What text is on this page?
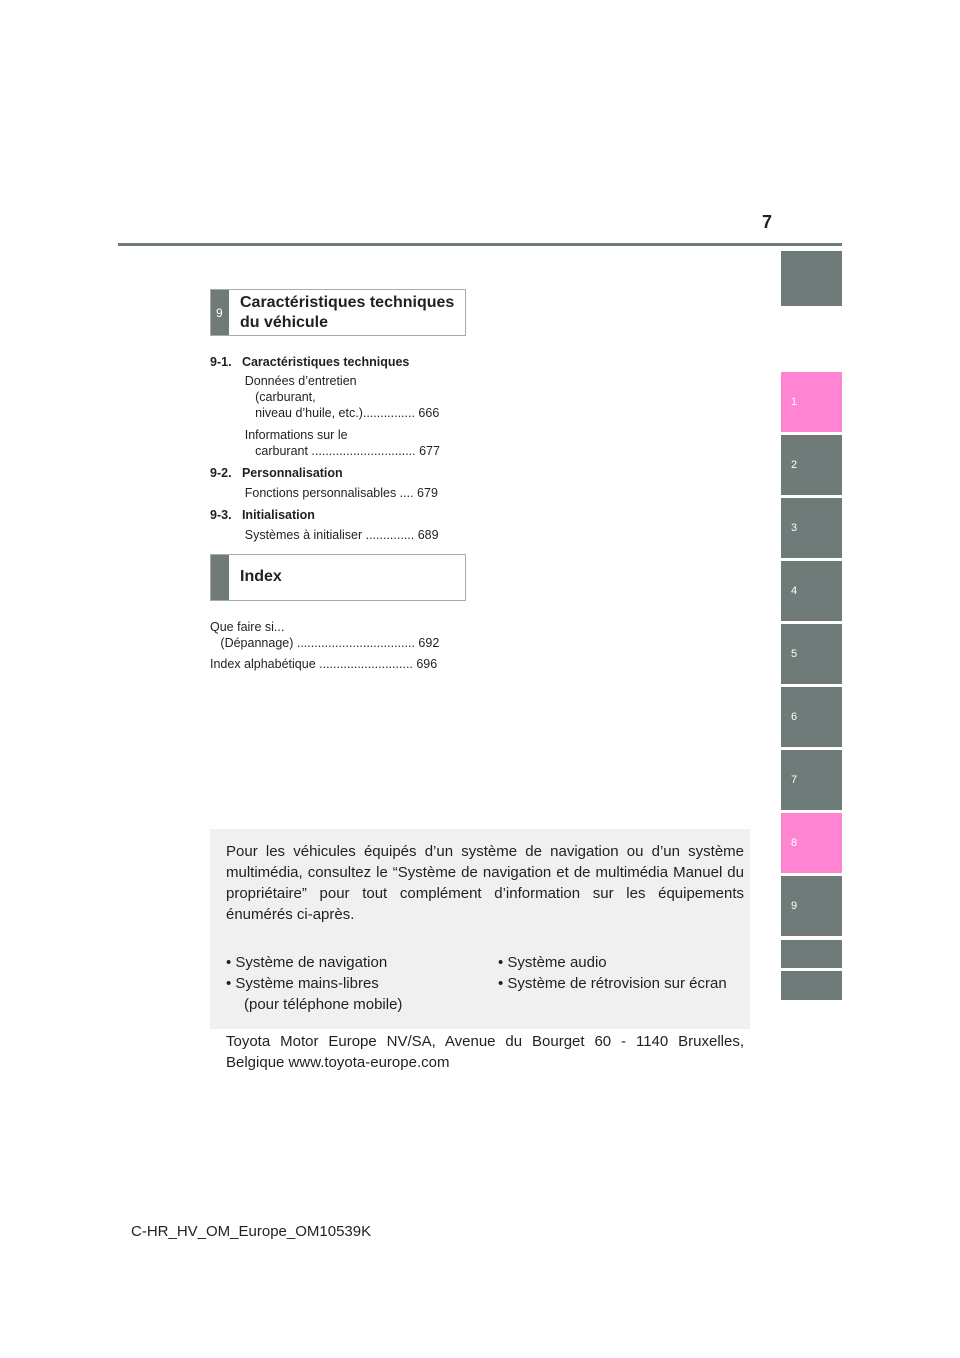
7
1
2
3
4
5
6
7
8
9
9
Caractéristiques techniques
du véhicule
9-1.   Caractéristiques techniques
Données d’entretien
(carburant,
niveau d’huile, etc.)............... 666
Informations sur le
carburant .............................. 677
9-2.   Personnalisation
Fonctions personnalisables .... 679
9-3.   Initialisation
Systèmes à initialiser .............. 689
Index
Que faire si...
(Dépannage) .................................. 692
Index alphabétique ........................... 696
Pour les véhicules équipés d’un système de navigation ou d’un système multimédia, consultez le “Système de navigation et de multimédia Manuel du propriétaire” pour tout complément d’information sur les équipements énumérés ci-après.
• Système de navigation
• Système mains-libres
(pour téléphone mobile)
• Système audio
• Système de rétrovision sur écran
Toyota Motor Europe NV/SA, Avenue du Bourget 60 - 1140 Bruxelles, Belgique www.toyota-europe.com
C-HR_HV_OM_Europe_OM10539K
